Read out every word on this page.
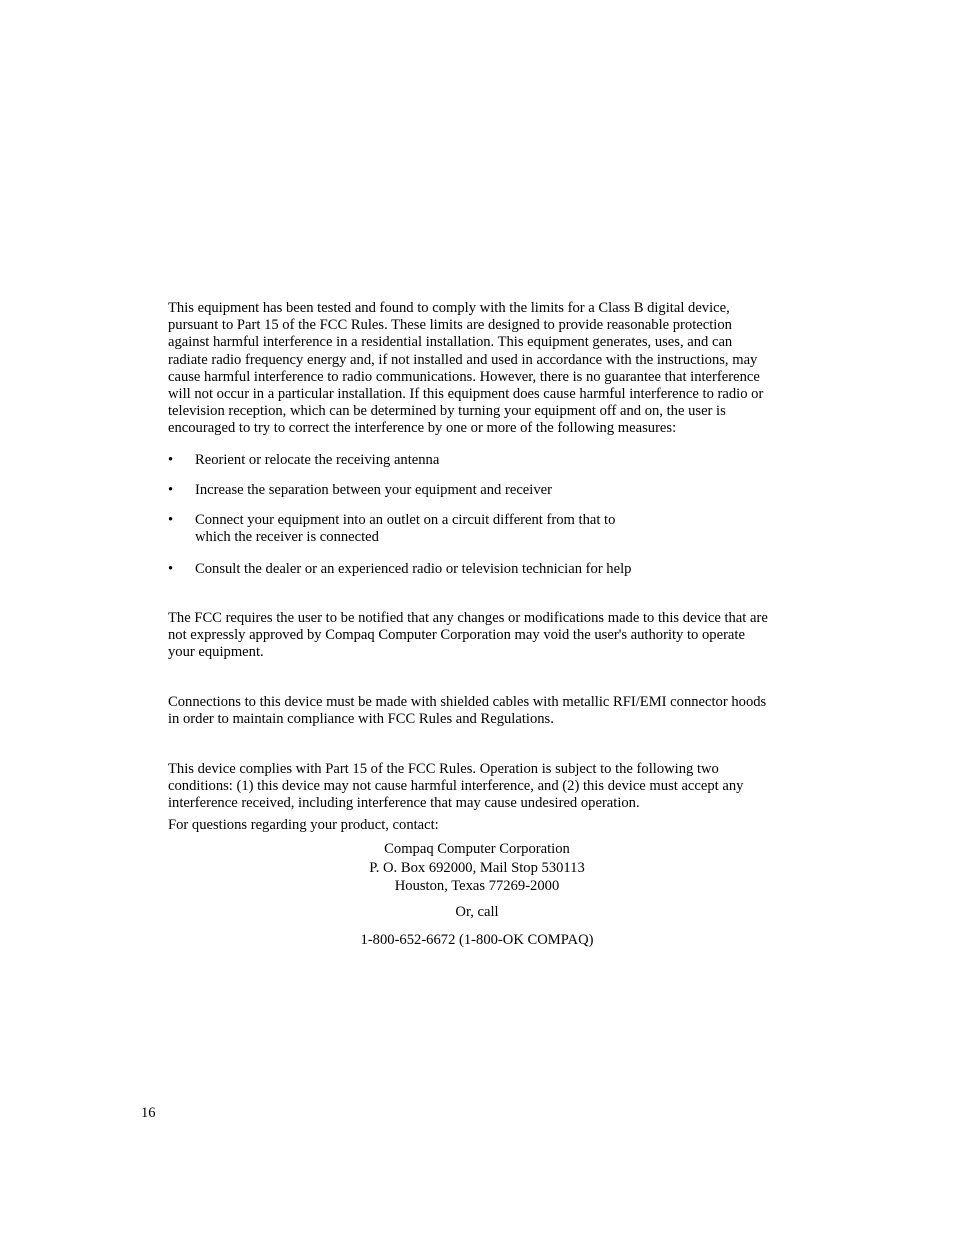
This equipment has been tested and found to comply with the limits for a Class B digital device,
pursuant to Part 15 of the FCC Rules. These limits are designed to provide reasonable protection
against harmful interference in a residential installation. This equipment generates, uses, and can
radiate radio frequency energy and, if not installed and used in accordance with the instructions, may
cause harmful interference to radio communications. However, there is no guarantee that interference
will not occur in a particular installation. If this equipment does cause harmful interference to radio or
television reception, which can be determined by turning your equipment off and on, the user is
encouraged to try to correct the interference by one or more of the following measures:

•	Reorient or relocate the receiving antenna
•	Increase the separation between your equipment and receiver
•	Connect your equipment into an outlet on a circuit different from that to
which the receiver is connected
•	Consult the dealer or an experienced radio or television technician for help

The FCC requires the user to be notified that any changes or modifications made to this device that are
not expressly approved by Compaq Computer Corporation may void the user's authority to operate
your equipment.

Connections to this device must be made with shielded cables with metallic RFI/EMI connector hoods
in order to maintain compliance with FCC Rules and Regulations.

This device complies with Part 15 of the FCC Rules. Operation is subject to the following two
conditions: (1) this device may not cause harmful interference, and (2) this device must accept any
interference received, including interference that may cause undesired operation.

For questions regarding your product, contact:

Compaq Computer Corporation
P. O. Box 692000, Mail Stop 530113
Houston, Texas 77269-2000
Or, call
1-800-652-6672 (1-800-OK COMPAQ)
16
